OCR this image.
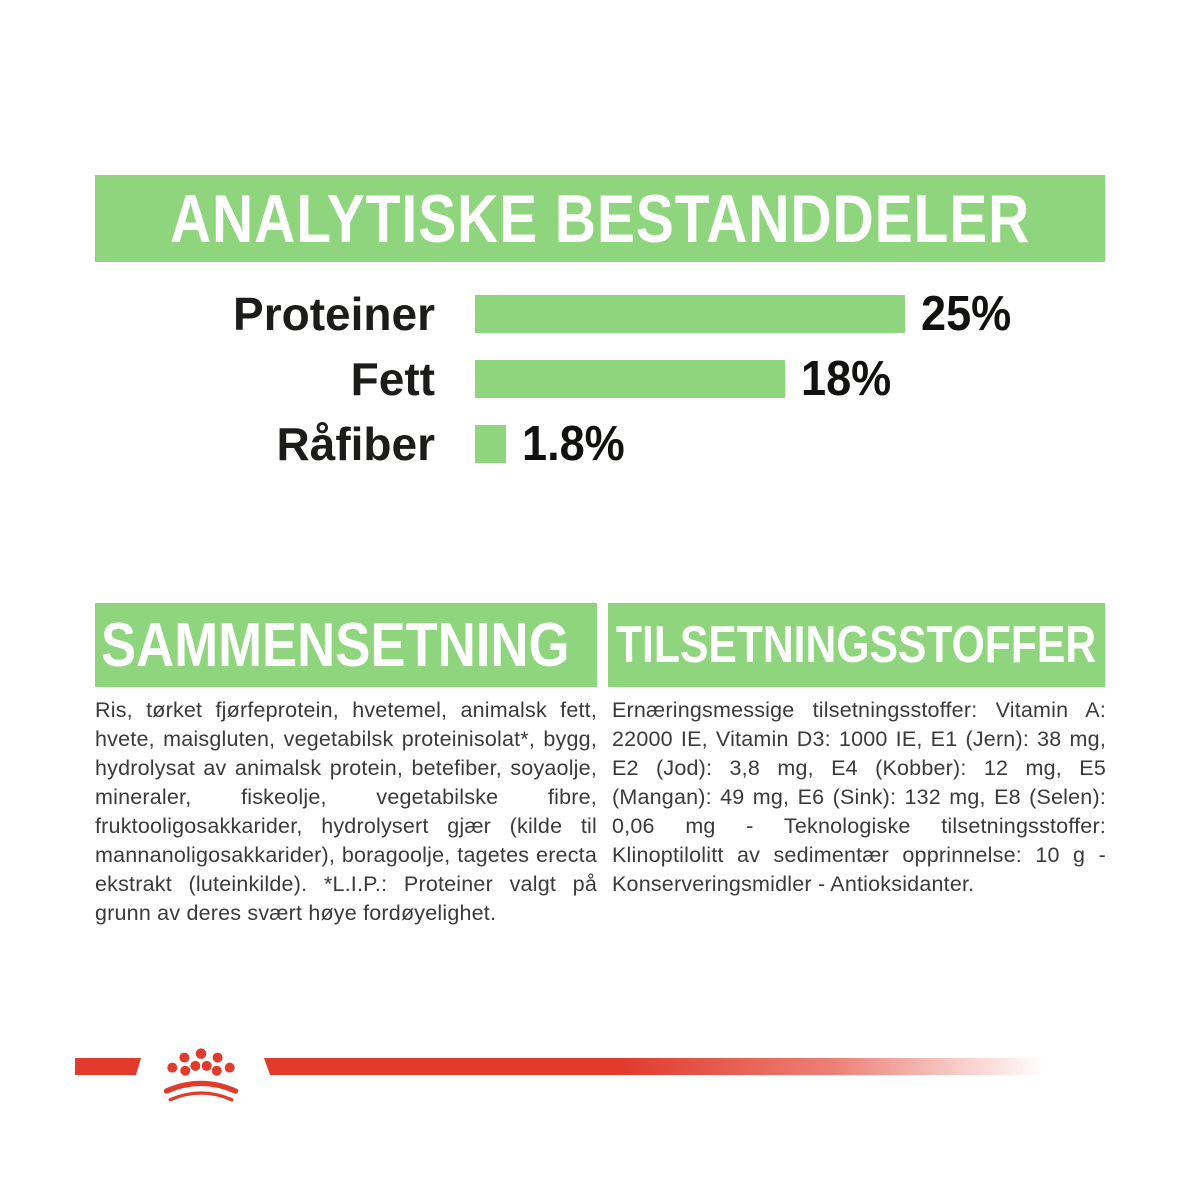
ANALYTISKE BESTANDDELER
Proteiner	25%
Fett	18%
Råfiber 1.8%
SAMMENSETNING
Ris, tørket fjørfeprotein, hvetemel, animalsk fett, hvete, maisgluten, vegetabilsk proteinisolat*, bygg, hydrolysat av animalsk protein, betefiber, soyaolje, mineraler, fiskeolje, vegetabilske fibre, fruktooligosakkarider, hydrolysert gjær (kilde til mannanoligosakkarider), boragoolje, tagetes erecta ekstrakt (luteinkilde). *L.I.P.: Proteiner valgt på grunn av deres svært høye fordøyelighet.
TILSETNINGSSTOFFER (pr. kg)
Ernæringsmessige tilsetningsstoffer: Vitamin A: 22000 IE, Vitamin D3: 1000 IE, E1 (Jern): 38 mg, E2 (Jod): 3,8 mg, E4 (Kobber): 12 mg, E5 (Mangan): 49 mg, E6 (Sink): 132 mg, E8 (Selen): 0,06 mg - Teknologiske tilsetningsstoffer: Klinoptilolitt av sedimentær opprinnelse: 10 g - Konserveringsmidler - Antioksidanter.
